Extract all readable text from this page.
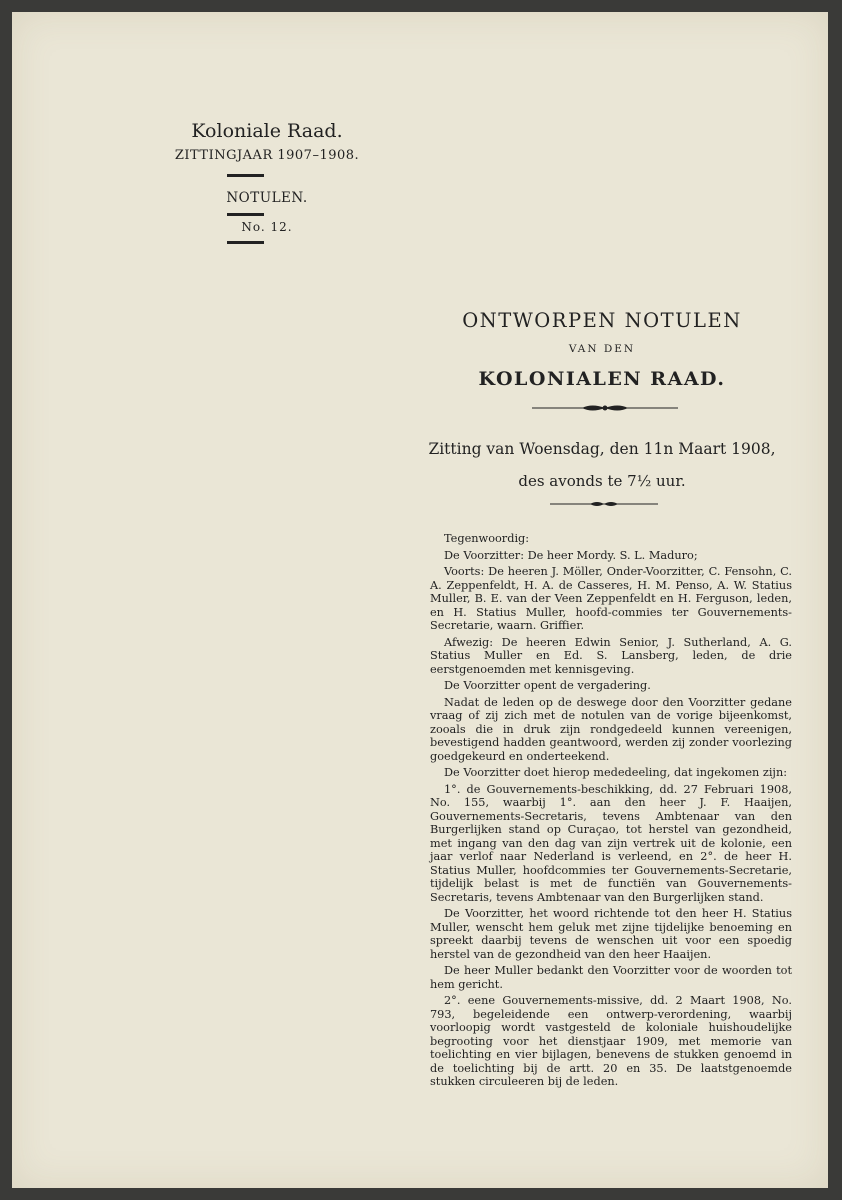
Koloniale Raad.
ZITTINGJAAR 1907–1908.
NOTULEN.
No. 12.
ONTWORPEN NOTULEN
VAN DEN
KOLONIALEN RAAD.
Zitting van Woensdag, den 11n Maart 1908,
des avonds te 7½ uur.

Tegenwoordig:

De Voorzitter: De heer Mordy. S. L. Maduro;

Voorts: De heeren J. Möller, Onder-Voorzitter, C. Fensohn, C. A. Zeppenfeldt, H. A. de Casseres, H. M. Penso, A. W. Statius Muller, B. E. van der Veen Zeppenfeldt en H. Ferguson, leden, en H. Statius Muller, hoofd-commies ter Gouvernements-Secretarie, waarn. Griffier.

Afwezig: De heeren Edwin Senior, J. Sutherland, A. G. Statius Muller en Ed. S. Lansberg, leden, de drie eerstgenoemden met kennisgeving.

De Voorzitter opent de vergadering.

Nadat de leden op de deswege door den Voorzitter gedane vraag of zij zich met de notulen van de vorige bijeenkomst, zooals die in druk zijn rondgedeeld kunnen vereenigen, bevestigend hadden geantwoord, werden zij zonder voorlezing goedgekeurd en onderteekend.

De Voorzitter doet hierop mededeeling, dat ingekomen zijn:

1°. de Gouvernements-beschikking, dd. 27 Februari 1908, No. 155, waarbij 1°. aan den heer J. F. Haaijen, Gouvernements-Secretaris, tevens Ambtenaar van den Burgerlijken stand op Curaçao, tot herstel van gezondheid, met ingang van den dag van zijn vertrek uit de kolonie, een jaar verlof naar Nederland is verleend, en 2°. de heer H. Statius Muller, hoofdcommies ter Gouvernements-Secretarie, tijdelijk belast is met de functiën van Gouvernements-Secretaris, tevens Ambtenaar van den Burgerlijken stand.

De Voorzitter, het woord richtende tot den heer H. Statius Muller, wenscht hem geluk met zijne tijdelijke benoeming en spreekt daarbij tevens de wenschen uit voor een spoedig herstel van de gezondheid van den heer Haaijen.

De heer Muller bedankt den Voorzitter voor de woorden tot hem gericht.

2°. eene Gouvernements-missive, dd. 2 Maart 1908, No. 793, begeleidende een ontwerp-verordening, waarbij voorloopig wordt vastgesteld de koloniale huishoudelijke begrooting voor het dienstjaar 1909, met memorie van toelichting en vier bijlagen, benevens de stukken genoemd in de toelichting bij de artt. 20 en 35. De laatstgenoemde stukken circuleeren bij de leden.
